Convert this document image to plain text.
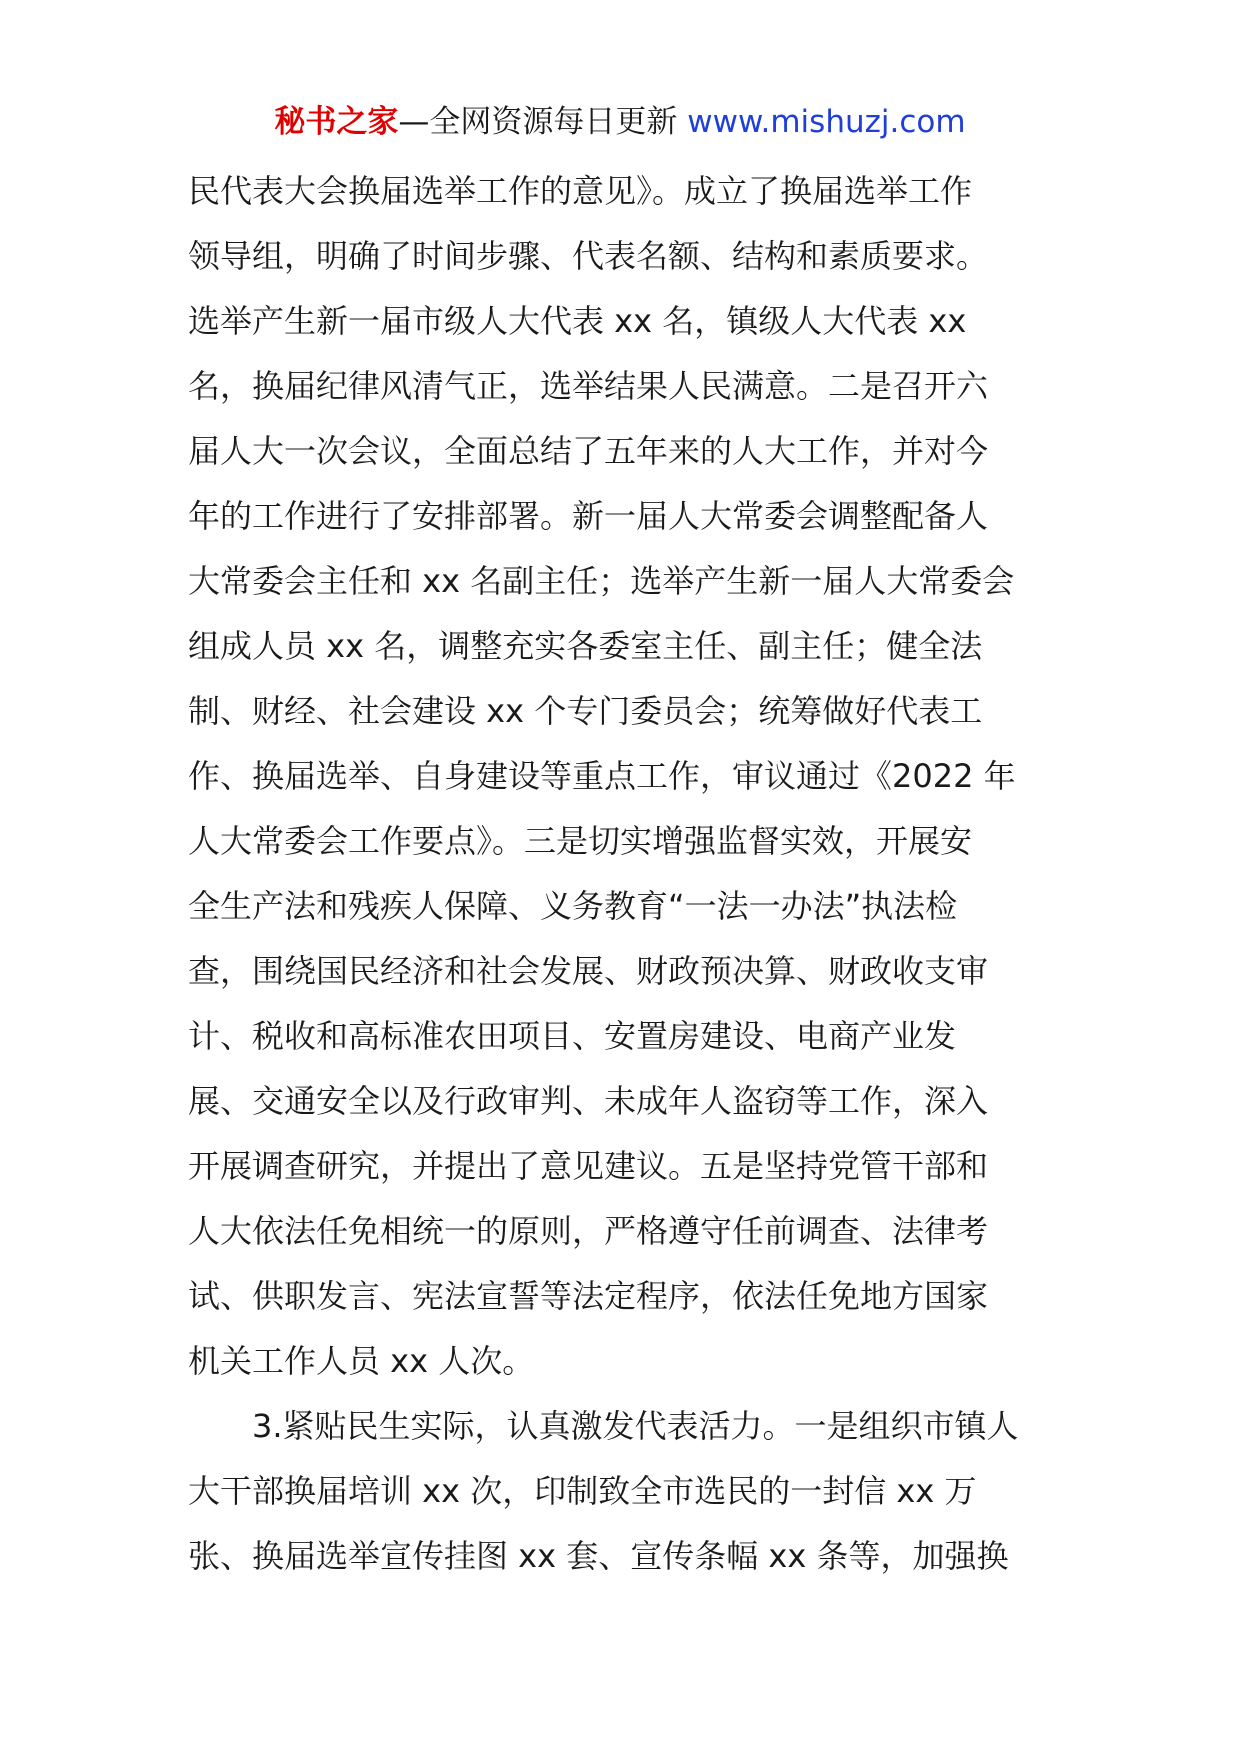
秘书之家—全网资源每日更新 www.mishuzj.com
民代表大会换届选举工作的意见》。成立了换届选举工作
领导组，明确了时间步骤、代表名额、结构和素质要求。
选举产生新一届市级人大代表 xx 名，镇级人大代表 xx
名，换届纪律风清气正，选举结果人民满意。二是召开六
届人大一次会议，全面总结了五年来的人大工作，并对今
年的工作进行了安排部署。新一届人大常委会调整配备人
大常委会主任和 xx 名副主任；选举产生新一届人大常委会
组成人员 xx 名，调整充实各委室主任、副主任；健全法
制、财经、社会建设 xx 个专门委员会；统筹做好代表工
作、换届选举、自身建设等重点工作，审议通过《2022 年
人大常委会工作要点》。三是切实增强监督实效，开展安
全生产法和残疾人保障、义务教育“一法一办法”执法检
查，围绕国民经济和社会发展、财政预决算、财政收支审
计、税收和高标准农田项目、安置房建设、电商产业发
展、交通安全以及行政审判、未成年人盗窃等工作，深入
开展调查研究，并提出了意见建议。五是坚持党管干部和
人大依法任免相统一的原则，严格遵守任前调查、法律考
试、供职发言、宪法宣誓等法定程序，依法任免地方国家
机关工作人员 xx 人次。
　　3.紧贴民生实际，认真激发代表活力。一是组织市镇人
大干部换届培训 xx 次，印制致全市选民的一封信 xx 万
张、换届选举宣传挂图 xx 套、宣传条幅 xx 条等，加强换
